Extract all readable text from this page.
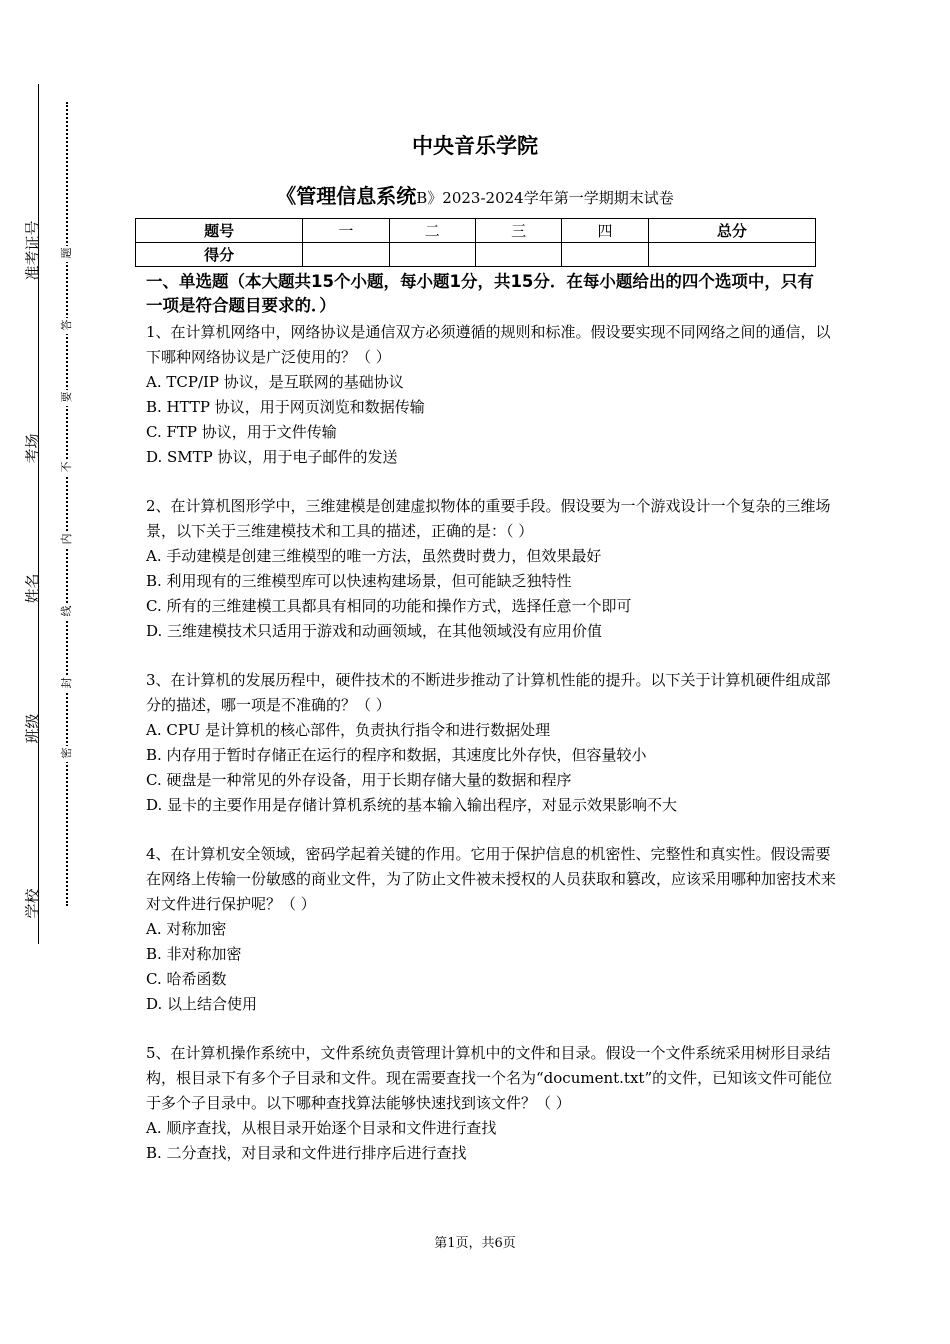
准考证号
考场
姓名
班级
学校
题
答
要
不
内
线
封
密
中央音乐学院
《管理信息系统B》2023-2024学年第一学期期末试卷
题号	一	二	三	四	总分
得分					
一、单选题（本大题共15个小题，每小题1分，共15分．在每小题给出的四个选项中，只有一项是符合题目要求的．）

1、在计算机网络中，网络协议是通信双方必须遵循的规则和标准。假设要实现不同网络之间的通信，以下哪种网络协议是广泛使用的？（ ）

A. TCP/IP 协议，是互联网的基础协议

B. HTTP 协议，用于网页浏览和数据传输

C. FTP 协议，用于文件传输

D. SMTP 协议，用于电子邮件的发送

2、在计算机图形学中，三维建模是创建虚拟物体的重要手段。假设要为一个游戏设计一个复杂的三维场景，以下关于三维建模技术和工具的描述，正确的是：（ ）

A. 手动建模是创建三维模型的唯一方法，虽然费时费力，但效果最好

B. 利用现有的三维模型库可以快速构建场景，但可能缺乏独特性

C. 所有的三维建模工具都具有相同的功能和操作方式，选择任意一个即可

D. 三维建模技术只适用于游戏和动画领域，在其他领域没有应用价值

3、在计算机的发展历程中，硬件技术的不断进步推动了计算机性能的提升。以下关于计算机硬件组成部分的描述，哪一项是不准确的？（ ）

A. CPU 是计算机的核心部件，负责执行指令和进行数据处理

B. 内存用于暂时存储正在运行的程序和数据，其速度比外存快，但容量较小

C. 硬盘是一种常见的外存设备，用于长期存储大量的数据和程序

D. 显卡的主要作用是存储计算机系统的基本输入输出程序，对显示效果影响不大

4、在计算机安全领域，密码学起着关键的作用。它用于保护信息的机密性、完整性和真实性。假设需要在网络上传输一份敏感的商业文件，为了防止文件被未授权的人员获取和篡改，应该采用哪种加密技术来对文件进行保护呢？（ ）

A. 对称加密

B. 非对称加密

C. 哈希函数

D. 以上结合使用

5、在计算机操作系统中，文件系统负责管理计算机中的文件和目录。假设一个文件系统采用树形目录结构，根目录下有多个子目录和文件。现在需要查找一个名为“document.txt”的文件，已知该文件可能位于多个子目录中。以下哪种查找算法能够快速找到该文件？（ ）

A. 顺序查找，从根目录开始逐个目录和文件进行查找

B. 二分查找，对目录和文件进行排序后进行查找

第1页，共6页
